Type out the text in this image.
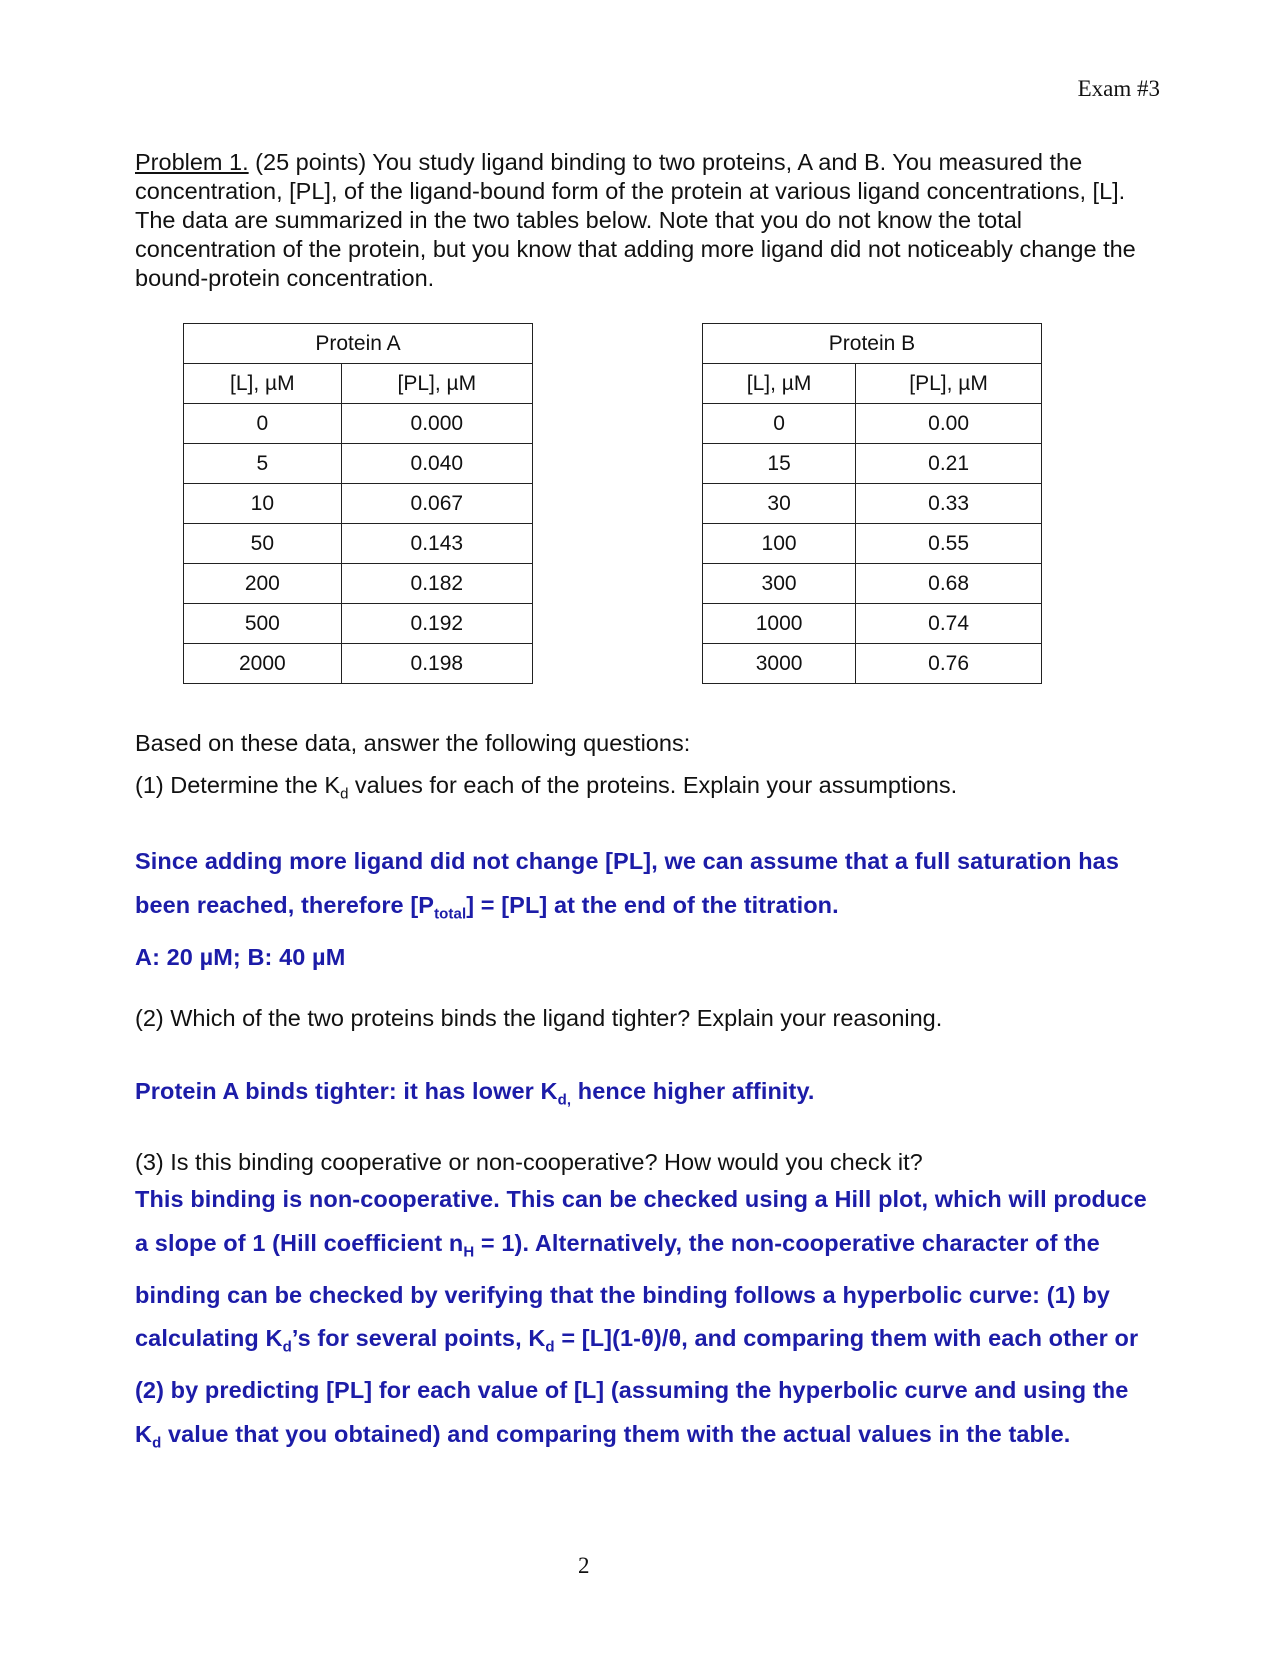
Exam #3
Problem 1. (25 points) You study ligand binding to two proteins, A and B. You measured the concentration, [PL], of the ligand-bound form of the protein at various ligand concentrations, [L]. The data are summarized in the two tables below. Note that you do not know the total concentration of the protein, but you know that adding more ligand did not noticeably change the bound-protein concentration.
Protein A	
[L], µM	[PL], µM
0	0.000
5	0.040
10	0.067
50	0.143
200	0.182
500	0.192
2000	0.198
Protein B	
[L], µM	[PL], µM
0	0.00
15	0.21
30	0.33
100	0.55
300	0.68
1000	0.74
3000	0.76
Based on these data, answer the following questions:
(1) Determine the $K_d$ values for each of the proteins. Explain your assumptions.
Since adding more ligand did not change [PL], we can assume that a full saturation has been reached, therefore $[P_{total}] = [PL]$ at the end of the titration.
A: 20 µM; B: 40 µM
(2) Which of the two proteins binds the ligand tighter? Explain your reasoning.
Protein A binds tighter: it has lower $K_{d,}$ hence higher affinity.
(3) Is this binding cooperative or non-cooperative? How would you check it?
This binding is non-cooperative. This can be checked using a Hill plot, which will produce a slope of 1 (Hill coefficient $n_H = 1$). Alternatively, the non-cooperative character of the binding can be checked by verifying that the binding follows a hyperbolic curve: (1) by calculating $K_d’s$ for several points, $K_d = [L](1-\theta)/\theta$, and comparing them with each other or (2) by predicting [PL] for each value of [L] (assuming the hyperbolic curve and using the $K_d$ value that you obtained) and comparing them with the actual values in the table.
2
